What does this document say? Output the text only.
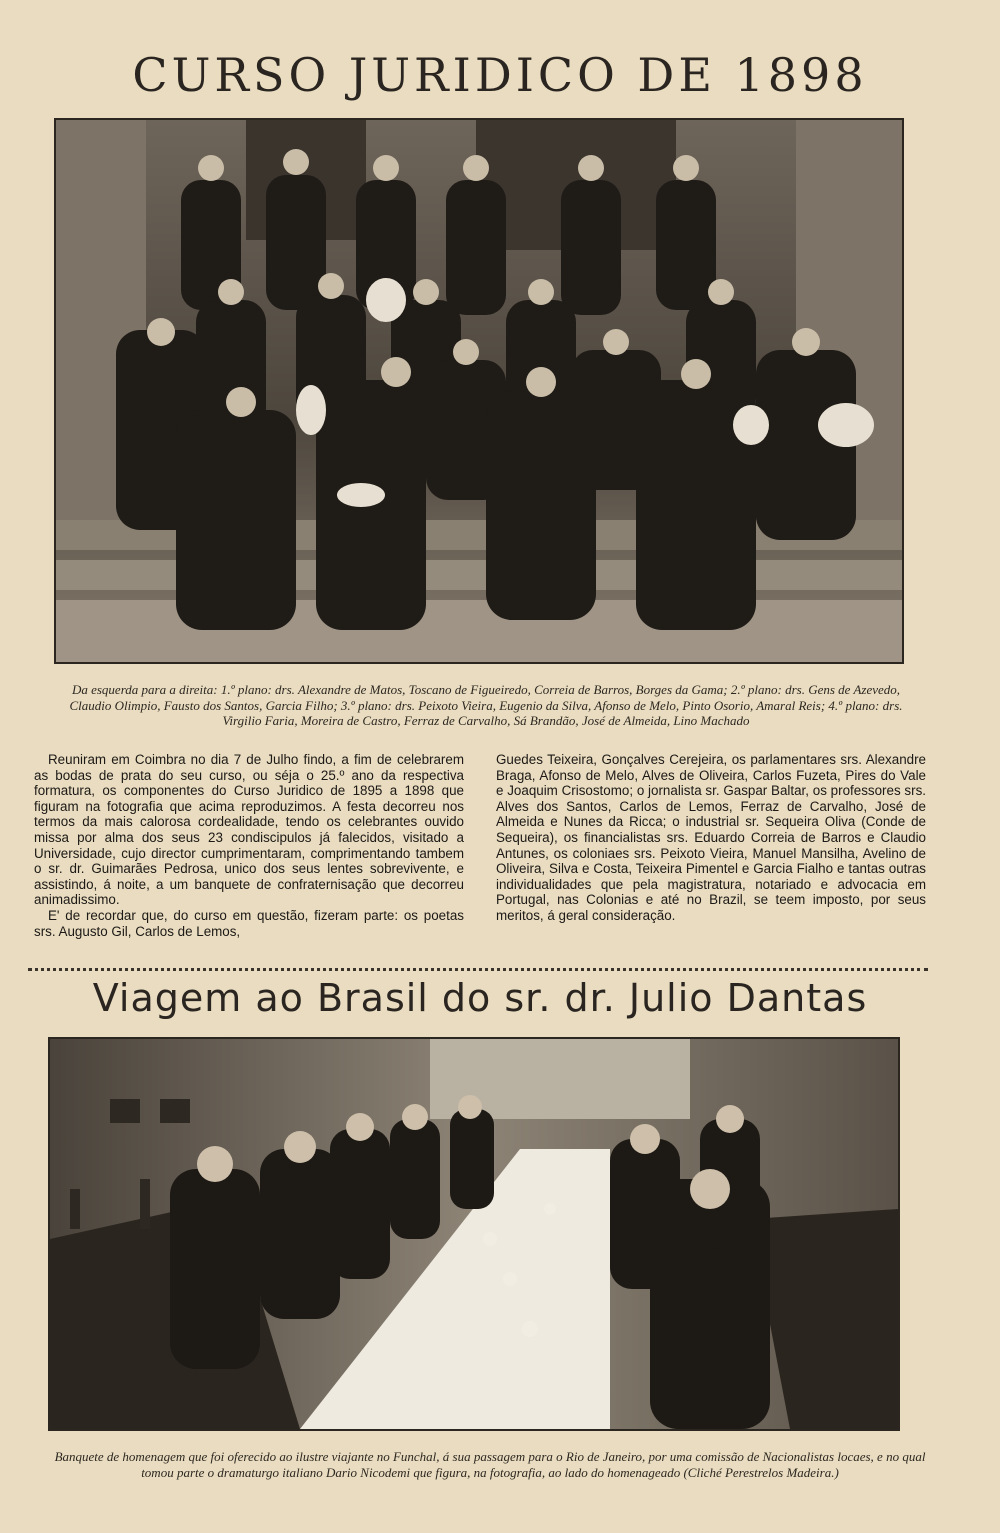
CURSO JURIDICO DE 1898
Da esquerda para a direita: 1.º plano: drs. Alexandre de Matos, Toscano de Figueiredo, Correia de Barros, Borges da Gama; 2.º plano: drs. Gens de Azevedo, Claudio Olimpio, Fausto dos Santos, Garcia Filho; 3.º plano: drs. Peixoto Vieira, Eugenio da Silva, Afonso de Melo, Pinto Osorio, Amaral Reis; 4.º plano: drs. Virgilio Faria, Moreira de Castro, Ferraz de Carvalho, Sá Brandão, José de Almeida, Lino Machado

Reuniram em Coimbra no dia 7 de Julho findo, a fim de celebrarem as bodas de prata do seu curso, ou séja o 25.º ano da respectiva formatura, os componentes do Curso Juridico de 1895 a 1898 que figuram na fotografia que acima reproduzimos. A festa decorreu nos termos da mais calorosa cordealidade, tendo os celebrantes ouvido missa por alma dos seus 23 condiscipulos já falecidos, visitado a Universidade, cujo director cumprimentaram, comprimentando tambem o sr. dr. Guimarães Pedrosa, unico dos seus lentes sobrevivente, e assistindo, á noite, a um banquete de confraternisação que decorreu animadissimo.

E' de recordar que, do curso em questão, fizeram parte: os poetas srs. Augusto Gil, Carlos de Lemos,

Guedes Teixeira, Gonçalves Cerejeira, os parlamentares srs. Alexandre Braga, Afonso de Melo, Alves de Oliveira, Carlos Fuzeta, Pires do Vale e Joaquim Crisostomo; o jornalista sr. Gaspar Baltar, os professores srs. Alves dos Santos, Carlos de Lemos, Ferraz de Carvalho, José de Almeida e Nunes da Ricca; o industrial sr. Sequeira Oliva (Conde de Sequeira), os financialistas srs. Eduardo Correia de Barros e Claudio Antunes, os coloniaes srs. Peixoto Vieira, Manuel Mansilha, Avelino de Oliveira, Silva e Costa, Teixeira Pimentel e Garcia Fialho e tantas outras individualidades que pela magistratura, notariado e advocacia em Portugal, nas Colonias e até no Brazil, se teem imposto, por seus meritos, á geral consideração.

Viagem ao Brasil do sr. dr. Julio Dantas
Banquete de homenagem que foi oferecido ao ilustre viajante no Funchal, á sua passagem para o Rio de Janeiro, por uma comissão de Nacionalistas locaes, e no qual tomou parte o dramaturgo italiano Dario Nicodemi que figura, na fotografia, ao lado do homenageado (Cliché Perestrelos Madeira.)
